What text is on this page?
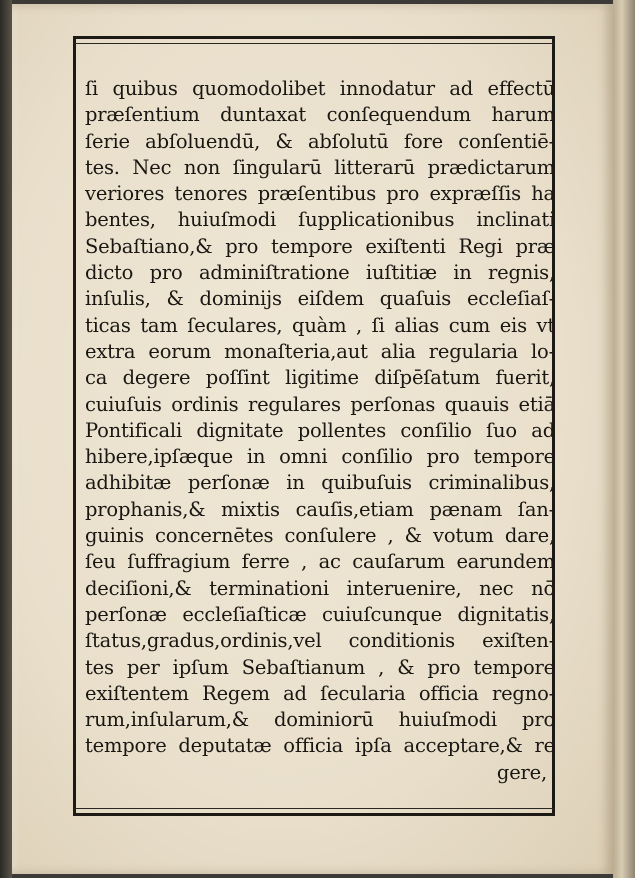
ſi quibus quomodolibet innodatur ad effectū
præſentium duntaxat conſequendum harum
ſerie abſoluendū, & abſolutū fore conſentiē-
tes. Nec non ſingularū litterarū prædictarum
veriores tenores præſentibus pro expræſſis ha
bentes, huiuſmodi ſupplicationibus inclinati
Sebaſtiano,& pro tempore exiſtenti Regi præ
dicto pro adminiſtratione iuſtitiæ in regnis,
inſulis, & dominijs eiſdem quaſuis eccleſiaſ-
ticas tam ſeculares, quàm , ſi alias cum eis vt
extra eorum monaſteria,aut alia regularia lo-
ca degere poſſint ligitime diſpēſatum fuerit,
cuiuſuis ordinis regulares perſonas quauis etiā
Pontificali dignitate pollentes conſilio ſuo ad
hibere,ipſæque in omni conſilio pro tempore
adhibitæ perſonæ in quibuſuis criminalibus,
prophanis,& mixtis cauſis,etiam pænam ſan-
guinis concernētes conſulere , & votum dare,
ſeu ſuffragium ferre , ac cauſarum earundem
deciſioni,& terminationi interuenire, nec nō
perſonæ eccleſiaſticæ cuiuſcunque dignitatis,
ſtatus,gradus,ordinis,vel conditionis exiſten-
tes per ipſum Sebaſtianum , & pro tempore
exiſtentem Regem ad ſecularia officia regno-
rum,inſularum,& dominiorū huiuſmodi pro
tempore deputatæ officia ipſa acceptare,& re
gere,
